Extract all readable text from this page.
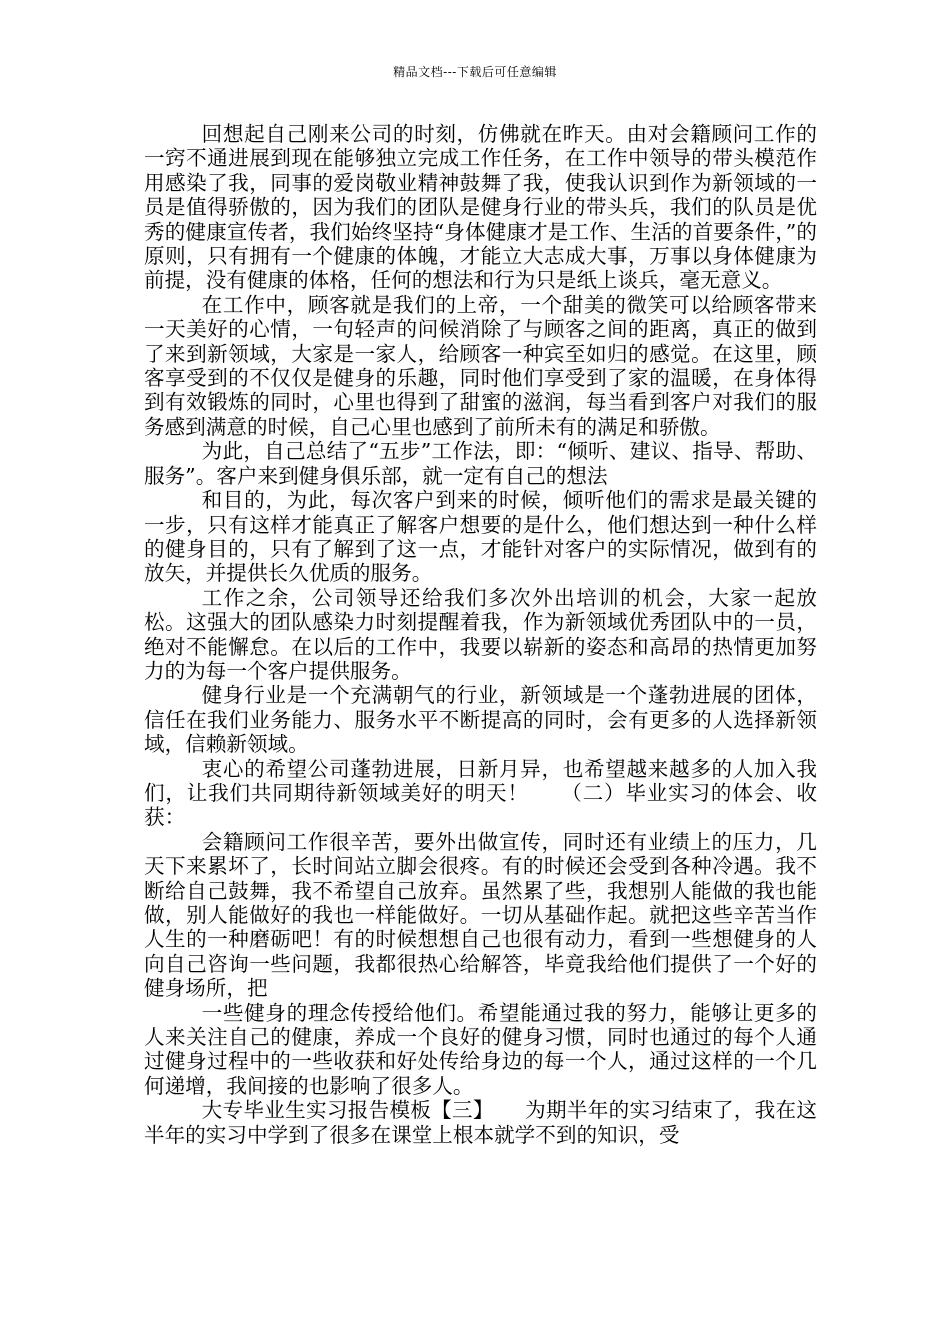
精品文档---下载后可任意编辑

回想起自己刚来公司的时刻，仿佛就在昨天。由对会籍顾问工作的一窍不通进展到现在能够独立完成工作任务，在工作中领导的带头模范作用感染了我，同事的爱岗敬业精神鼓舞了我，使我认识到作为新领域的一员是值得骄傲的，因为我们的团队是健身行业的带头兵，我们的队员是优秀的健康宣传者，我们始终坚持“身体健康才是工作、生活的首要条件，”的原则，只有拥有一个健康的体魄，才能立大志成大事，万事以身体健康为前提，没有健康的体格，任何的想法和行为只是纸上谈兵，毫无意义。

在工作中，顾客就是我们的上帝，一个甜美的微笑可以给顾客带来一天美好的心情，一句轻声的问候消除了与顾客之间的距离，真正的做到了来到新领域，大家是一家人，给顾客一种宾至如归的感觉。在这里，顾客享受到的不仅仅是健身的乐趣，同时他们享受到了家的温暖，在身体得到有效锻炼的同时，心里也得到了甜蜜的滋润，每当看到客户对我们的服务感到满意的时候，自己心里也感到了前所未有的满足和骄傲。

为此，自己总结了“五步”工作法，即：“倾听、建议、指导、帮助、服务”。客户来到健身俱乐部，就一定有自己的想法

和目的，为此，每次客户到来的时候，倾听他们的需求是最关键的一步，只有这样才能真正了解客户想要的是什么，他们想达到一种什么样的健身目的，只有了解到了这一点，才能针对客户的实际情况，做到有的放矢，并提供长久优质的服务。

工作之余，公司领导还给我们多次外出培训的机会，大家一起放松。这强大的团队感染力时刻提醒着我，作为新领域优秀团队中的一员，绝对不能懈怠。在以后的工作中，我要以崭新的姿态和高昂的热情更加努力的为每一个客户提供服务。

健身行业是一个充满朝气的行业，新领域是一个蓬勃进展的团体，信任在我们业务能力、服务水平不断提高的同时，会有更多的人选择新领域，信赖新领域。

衷心的希望公司蓬勃进展，日新月异，也希望越来越多的人加入我们，让我们共同期待新领域美好的明天！　　（二）毕业实习的体会、收获：

会籍顾问工作很辛苦，要外出做宣传，同时还有业绩上的压力，几天下来累坏了，长时间站立脚会很疼。有的时候还会受到各种冷遇。我不断给自己鼓舞，我不希望自己放弃。虽然累了些，我想别人能做的我也能做，别人能做好的我也一样能做好。一切从基础作起。就把这些辛苦当作人生的一种磨砺吧！有的时候想想自己也很有动力，看到一些想健身的人向自己咨询一些问题，我都很热心给解答，毕竟我给他们提供了一个好的健身场所，把

一些健身的理念传授给他们。希望能通过我的努力，能够让更多的人来关注自己的健康，养成一个良好的健身习惯，同时也通过的每个人通过健身过程中的一些收获和好处传给身边的每一个人，通过这样的一个几何递增，我间接的也影响了很多人。

大专毕业生实习报告模板【三】　　为期半年的实习结束了，我在这半年的实习中学到了很多在课堂上根本就学不到的知识，受
